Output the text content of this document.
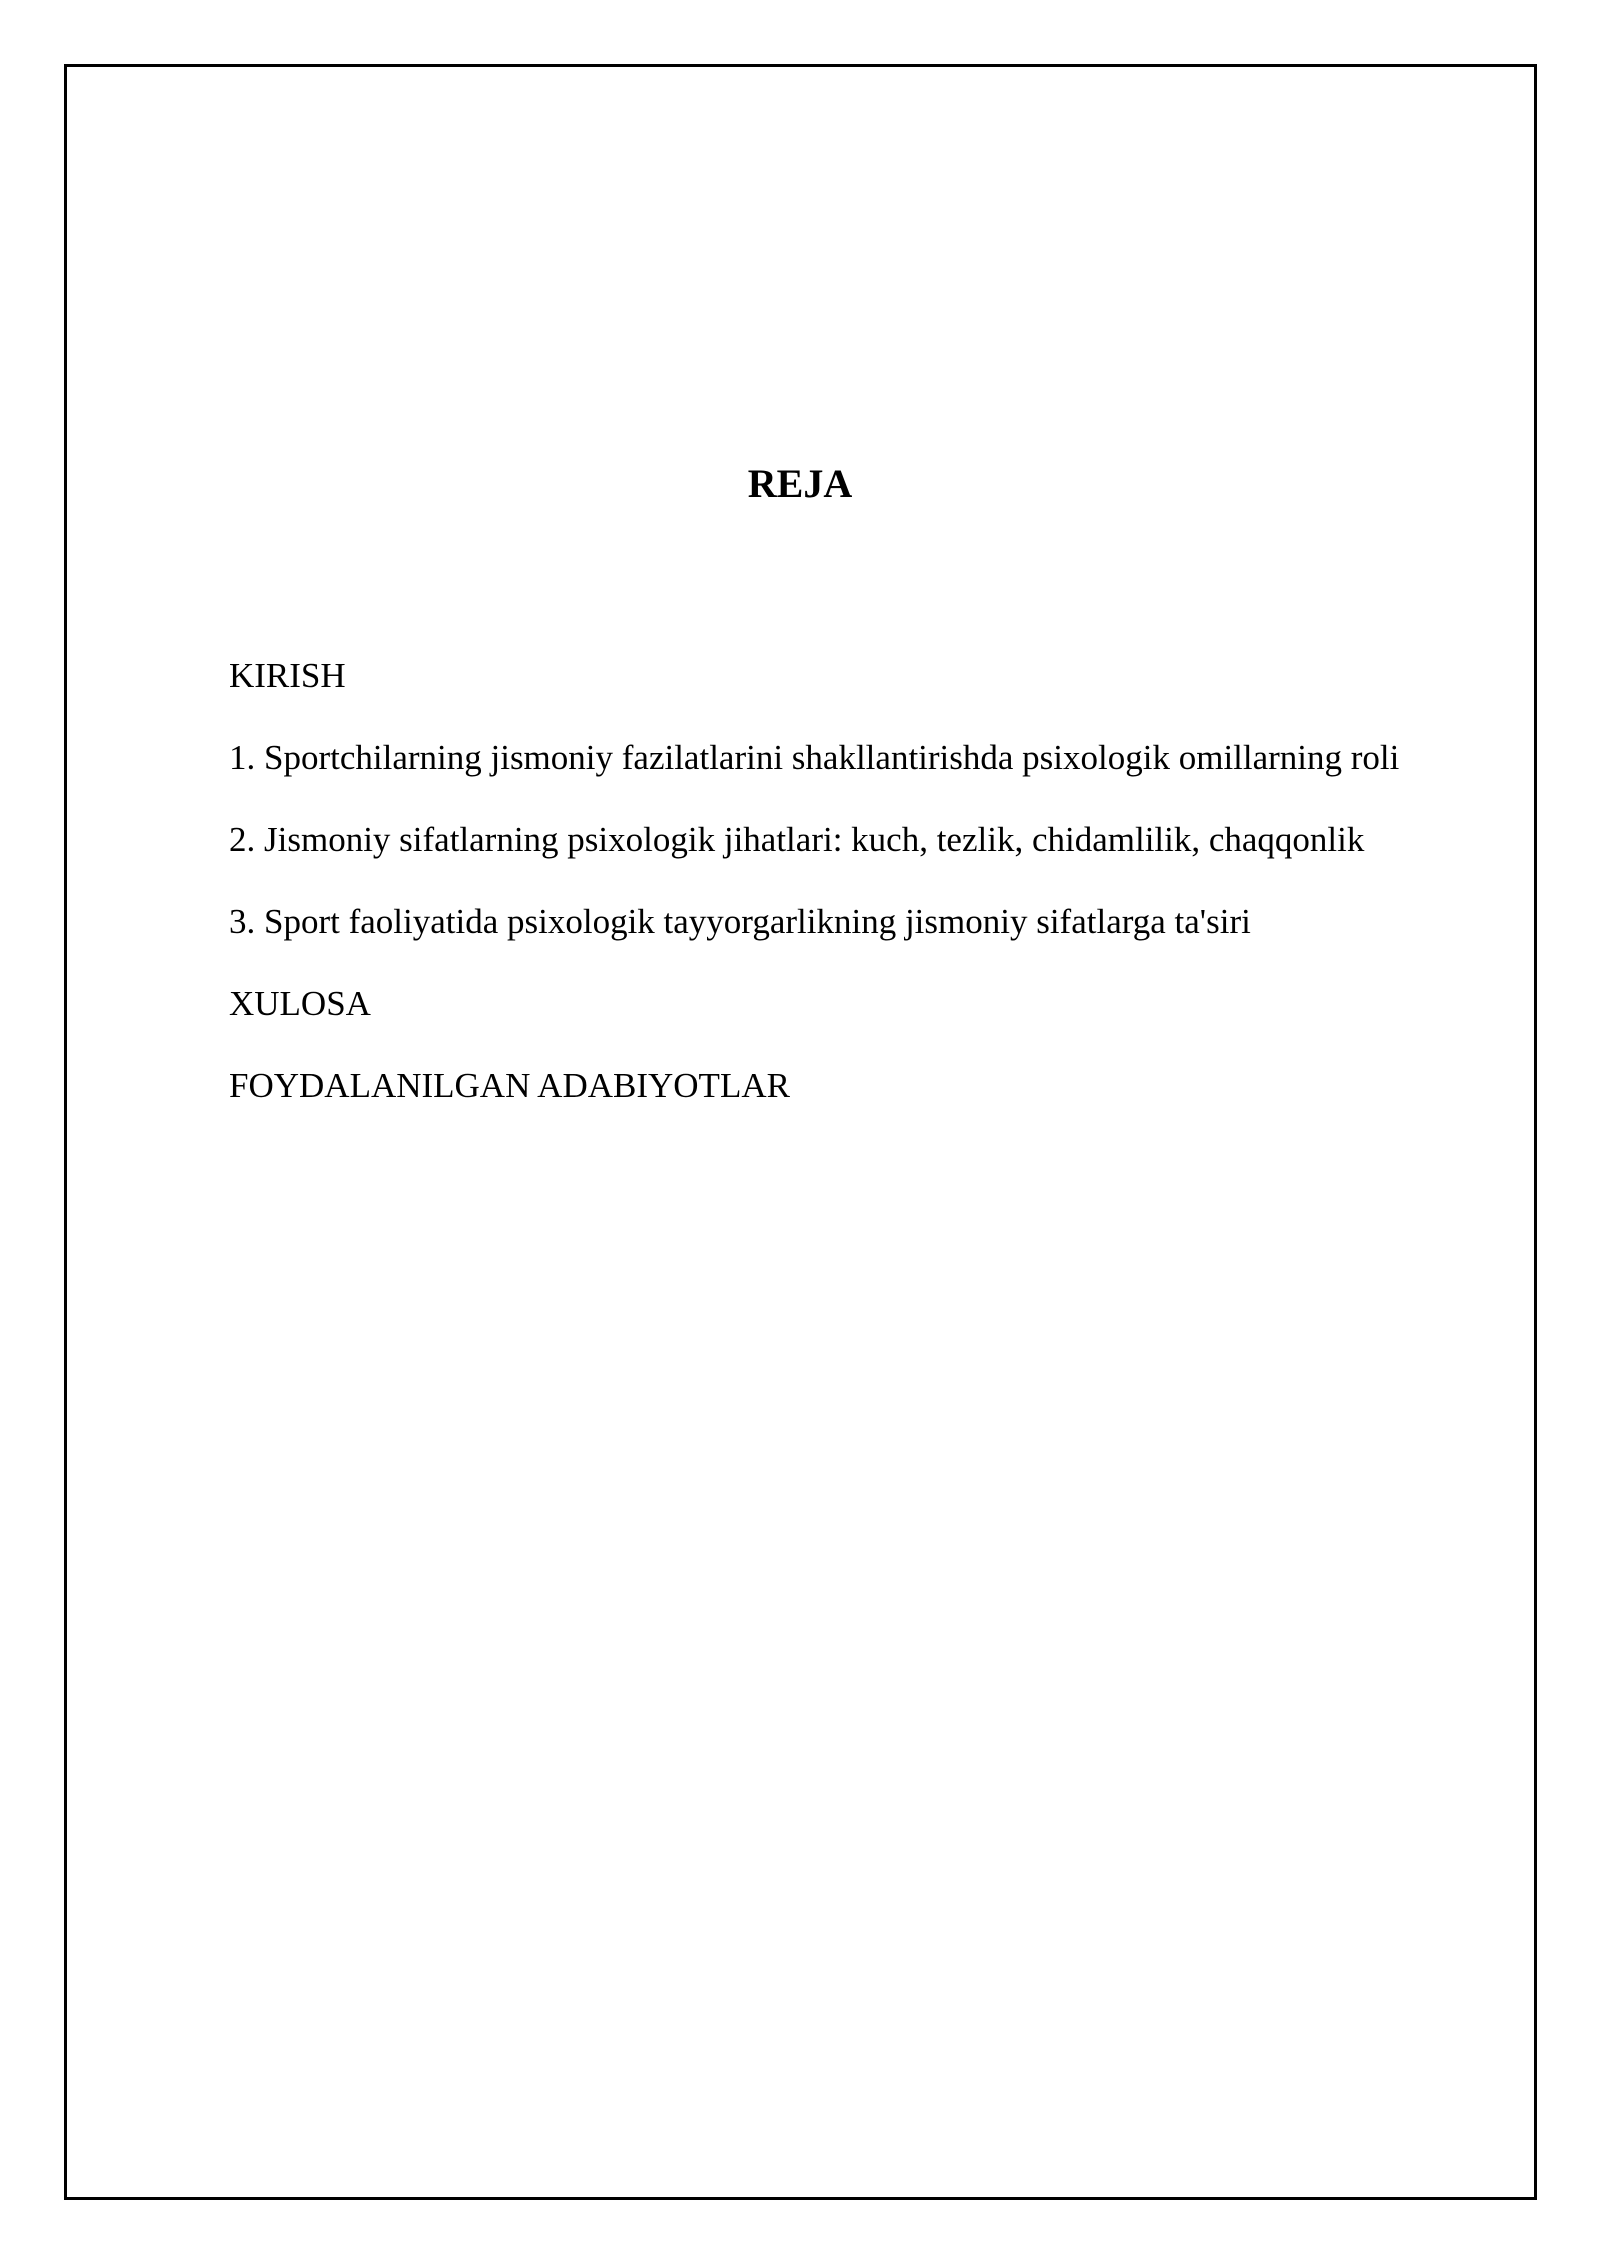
REJA
KIRISH
1. Sportchilarning jismoniy fazilatlarini shakllantirishda psixologik omillarning roli
2. Jismoniy sifatlarning psixologik jihatlari: kuch, tezlik, chidamlilik, chaqqonlik
3. Sport faoliyatida psixologik tayyorgarlikning jismoniy sifatlarga ta'siri
XULOSA
FOYDALANILGAN ADABIYOTLAR
